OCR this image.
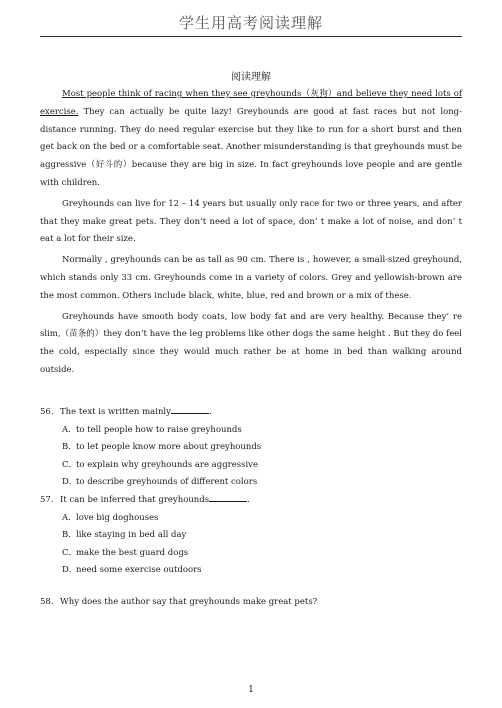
学生用高考阅读理解
阅读理解

Most people think of racing when they see greyhounds（灰狗）and believe they need lots of exercise. They can actually be quite lazy! Greyhounds are good at fast races but not long-distance running. They do need regular exercise but they like to run for a short burst and then get back on the bed or a comfortable seat. Another misunderstanding is that greyhounds must be aggressive（好斗的）because they are big in size. In fact greyhounds love people and are gentle with children.

Greyhounds can live for 12 – 14 years but usually only race for two or three years, and after that they make great pets. They don’t need a lot of space, don’ t make a lot of noise, and don’ t eat a lot for their size.

Normally , greyhounds can be as tall as 90 cm. There is , however, a small-sized greyhound, which stands only 33 cm. Greyhounds come in a variety of colors. Grey and yellowish-brown are the most common. Others include black, white, blue, red and brown or a mix of these.

Greyhounds have smooth body coats, low body fat and are very healthy. Because they’ re slim,（苗条的）they don’t have the leg problems like other dogs the same height . But they do feel the cold, especially since they would much rather be at home in bed than walking around outside.

56. The text is written mainly	.

A．to tell people how to raise greyhounds
B．to let people know more about greyhounds
C．to explain why greyhounds are aggressive
D．to describe greyhounds of different colors

57. It can be inferred that greyhounds	.

A．love big doghouses
B．like staying in bed all day
C．make the best guard dogs
D．need some exercise outdoors

58. Why does the author say that greyhounds make great pets?

1
